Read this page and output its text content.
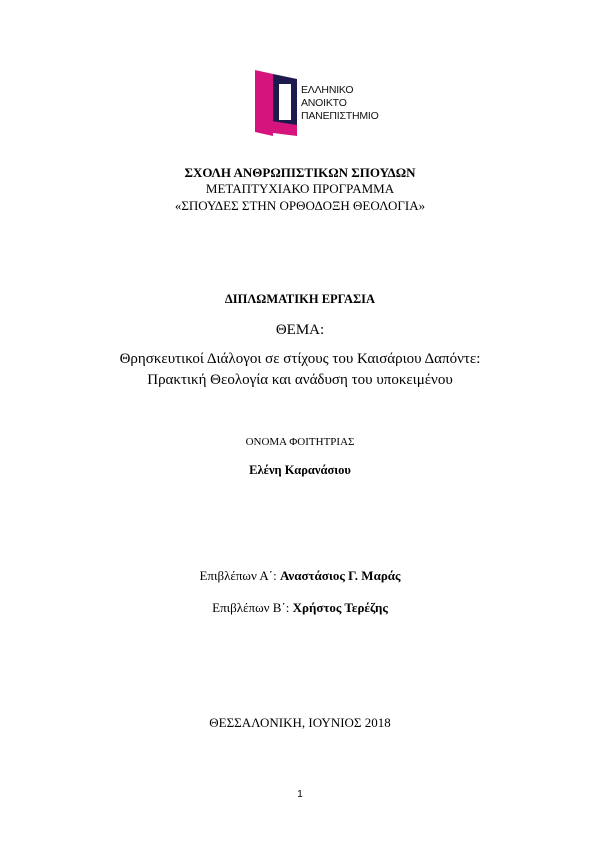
ΕΛΛΗΝΙΚΟ
ΑΝΟΙΚΤΟ
ΠΑΝΕΠΙΣΤΗΜΙΟ
ΣΧΟΛΗ ΑΝΘΡΩΠΙΣΤΙΚΩΝ ΣΠΟΥΔΩΝ
ΜΕΤΑΠΤΥΧΙΑΚΟ ΠΡΟΓΡΑΜΜΑ
«ΣΠΟΥΔΕΣ ΣΤΗΝ ΟΡΘΟΔΟΞΗ ΘΕΟΛΟΓΙΑ»
ΔΙΠΛΩΜΑΤΙΚΗ ΕΡΓΑΣΙΑ
ΘΕΜΑ:
Θρησκευτικοί Διάλογοι σε στίχους του Καισάριου Δαπόντε:
Πρακτική Θεολογία και ανάδυση του υποκειμένου
ΟΝΟΜΑ ΦΟΙΤΗΤΡΙΑΣ
Ελένη Καρανάσιου
Επιβλέπων Α΄: Αναστάσιος Γ. Μαράς
Επιβλέπων Β΄: Χρήστος Τερέζης
ΘΕΣΣΑΛΟΝΙΚΗ, ΙΟΥΝΙΟΣ 2018
1
